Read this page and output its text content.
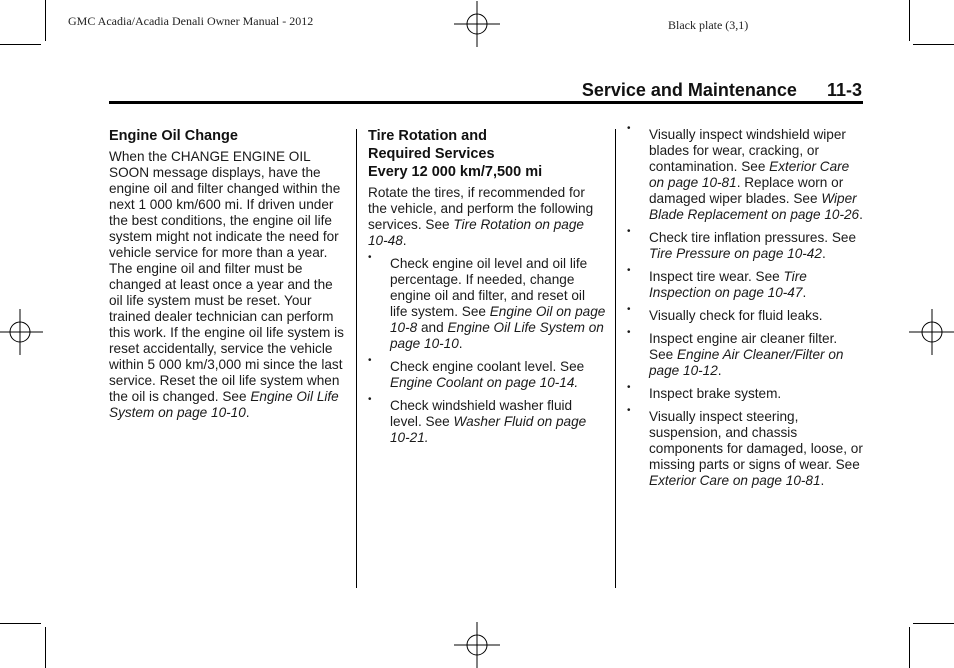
GMC Acadia/Acadia Denali Owner Manual - 2012	Black plate (3,1)
Service and Maintenance 11-3

Engine Oil Change

When the CHANGE ENGINE OIL SOON message displays, have the engine oil and filter changed within the next 1 000 km/600 mi. If driven under the best conditions, the engine oil life system might not indicate the need for vehicle service for more than a year. The engine oil and filter must be changed at least once a year and the oil life system must be reset. Your trained dealer technician can perform this work. If the engine oil life system is reset accidentally, service the vehicle within 5 000 km/3,000 mi since the last service. Reset the oil life system when the oil is changed. See Engine Oil Life System on page 10-10.

Tire Rotation and
Required Services
Every 12 000 km/7,500 mi

Rotate the tires, if recommended for the vehicle, and perform the following services. See Tire Rotation on page 10-48.

• Check engine oil level and oil life percentage. If needed, change engine oil and filter, and reset oil life system. See Engine Oil on page 10-8 and Engine Oil Life System on page 10-10.
• Check engine coolant level. See Engine Coolant on page 10-14.
• Check windshield washer fluid level. See Washer Fluid on page 10-21.
• Visually inspect windshield wiper blades for wear, cracking, or contamination. See Exterior Care on page 10-81. Replace worn or damaged wiper blades. See Wiper Blade Replacement on page 10-26.
• Check tire inflation pressures. See Tire Pressure on page 10-42.
• Inspect tire wear. See Tire Inspection on page 10-47.
• Visually check for fluid leaks.
• Inspect engine air cleaner filter. See Engine Air Cleaner/Filter on page 10-12.
• Inspect brake system.
• Visually inspect steering, suspension, and chassis components for damaged, loose, or missing parts or signs of wear. See Exterior Care on page 10-81.
